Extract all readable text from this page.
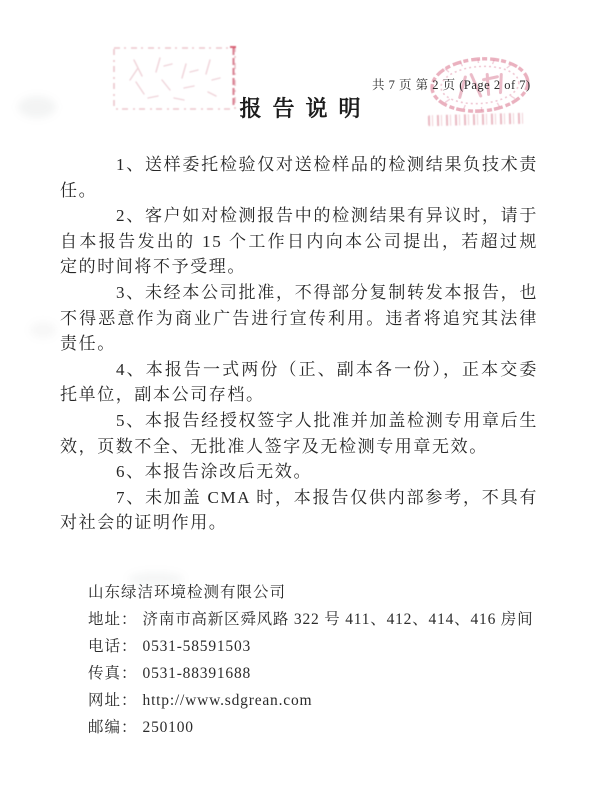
共 7 页 第 2 页 (Page 2 of 7)
报告说明

1、送样委托检验仅对送检样品的检测结果负技术责任。

2、客户如对检测报告中的检测结果有异议时，请于自本报告发出的 15 个工作日内向本公司提出，若超过规定的时间将不予受理。

3、未经本公司批准，不得部分复制转发本报告，也不得恶意作为商业广告进行宣传利用。违者将追究其法律责任。

4、本报告一式两份（正、副本各一份），正本交委托单位，副本公司存档。

5、本报告经授权签字人批准并加盖检测专用章后生效，页数不全、无批准人签字及无检测专用章无效。

6、本报告涂改后无效。

7、未加盖 CMA 时，本报告仅供内部参考，不具有对社会的证明作用。

山东绿洁环境检测有限公司
地址： 济南市高新区舜风路 322 号 411、412、414、416 房间
电话： 0531-58591503
传真： 0531-88391688
网址： http://www.sdgrean.com
邮编： 250100
